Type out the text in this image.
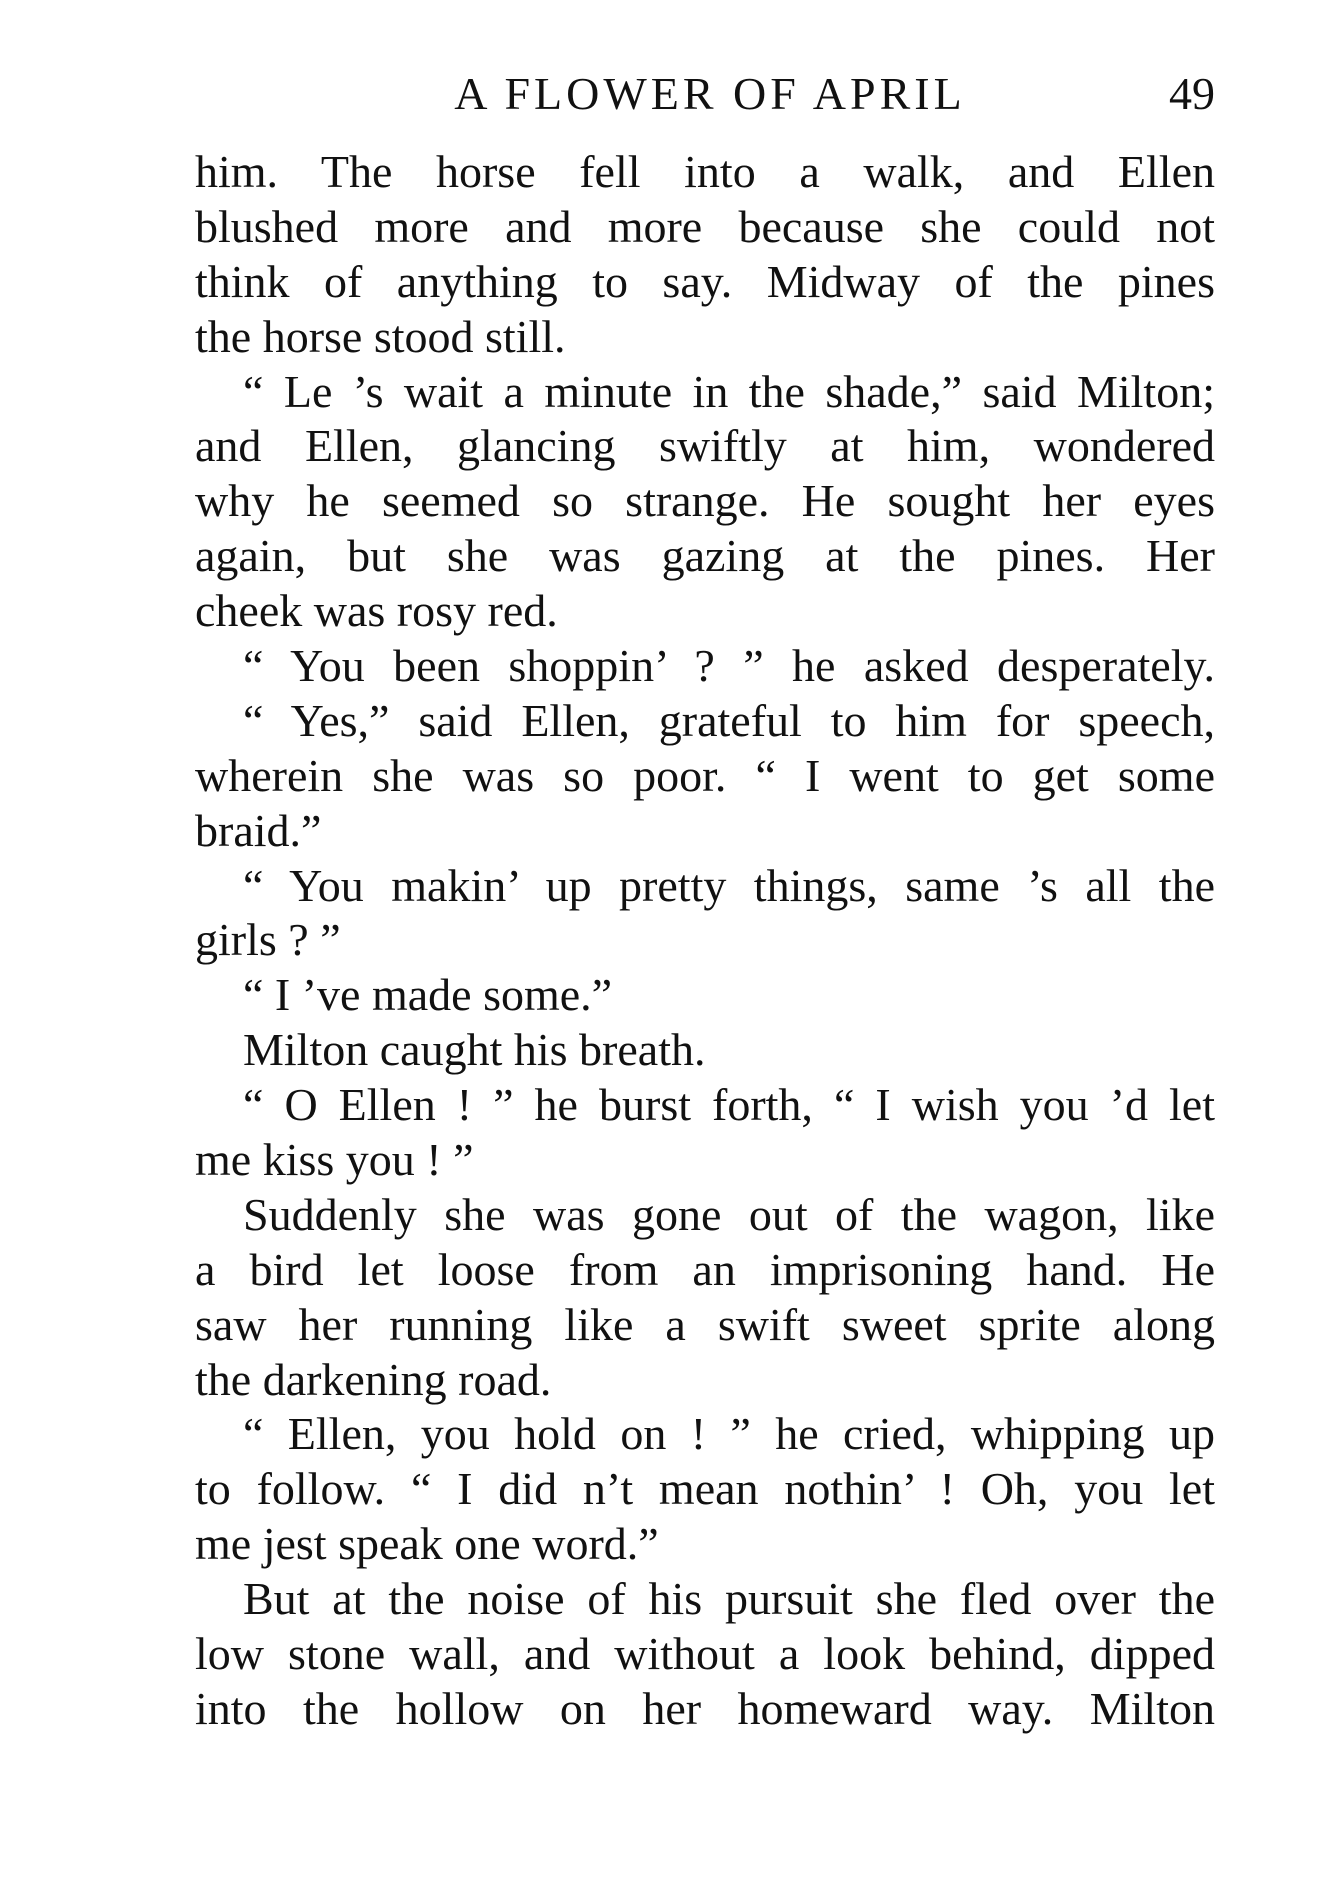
A FLOWER OF APRIL	49
him. The horse fell into a walk, and Ellen
blushed more and more because she could not
think of anything to say. Midway of the pines
the horse stood still.
“ Le ’s wait a minute in the shade,” said Milton;
and Ellen, glancing swiftly at him, wondered
why he seemed so strange. He sought her eyes
again, but she was gazing at the pines. Her
cheek was rosy red.
“ You been shoppin’ ? ” he asked desperately.
“ Yes,” said Ellen, grateful to him for speech,
wherein she was so poor. “ I went to get some
braid.”
“ You makin’ up pretty things, same ’s all the
girls ? ”
“ I ’ve made some.”
Milton caught his breath.
“ O Ellen ! ” he burst forth, “ I wish you ’d let
me kiss you ! ”
Suddenly she was gone out of the wagon, like
a bird let loose from an imprisoning hand. He
saw her running like a swift sweet sprite along
the darkening road.
“ Ellen, you hold on ! ” he cried, whipping up
to follow. “ I did n’t mean nothin’ ! Oh, you let
me jest speak one word.”
But at the noise of his pursuit she fled over the
low stone wall, and without a look behind, dipped
into the hollow on her homeward way. Milton
